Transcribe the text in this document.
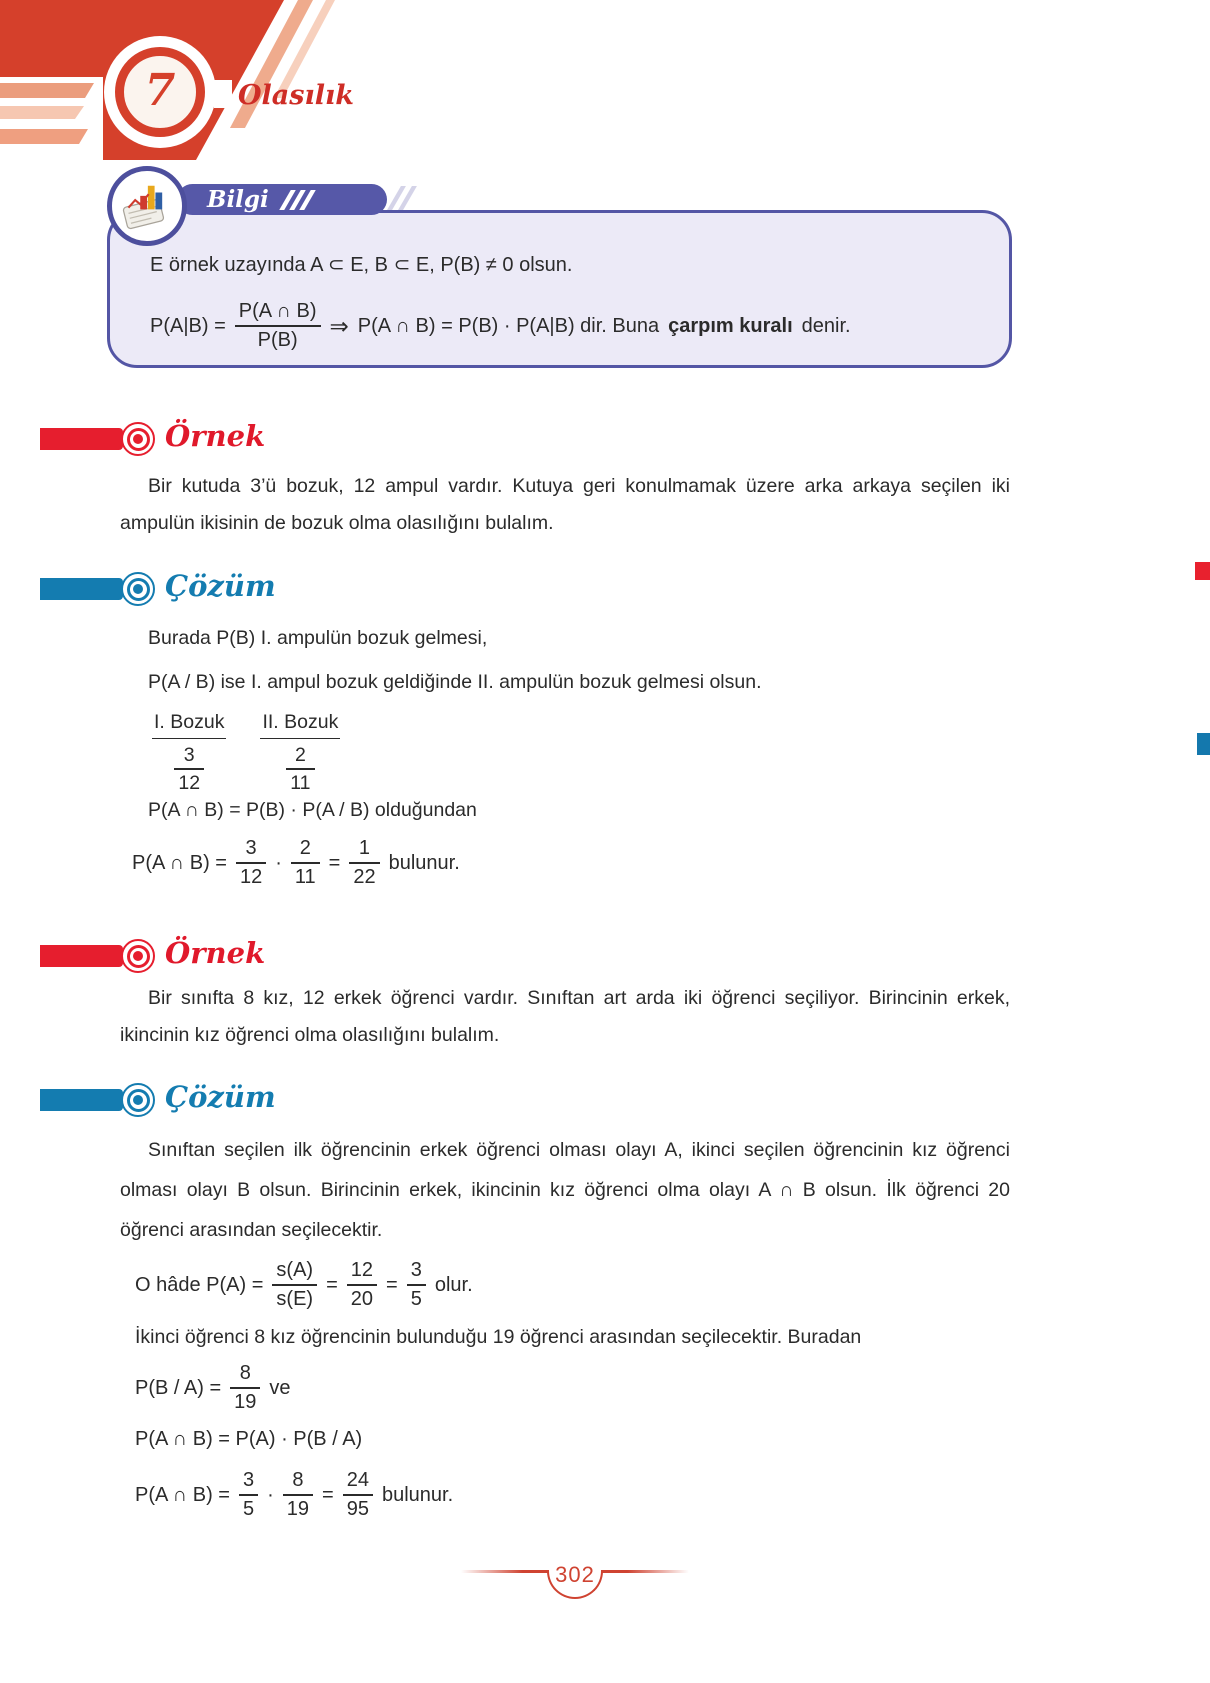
7 Olasılık
Bilgi
E örnek uzayında A ⊂ E, B ⊂ E, P(B) ≠ 0 olsun.
$P(A|B) = \frac{P(A \cap B)}{P(B)}$ ⇒ P(A ∩ B) = P(B) · P(A|B) dir. Buna çarpım kuralı denir.
Örnek

Bir kutuda 3’ü bozuk, 12 ampul vardır. Kutuya geri konulmamak üzere arka arkaya seçilen iki ampulün ikisinin de bozuk olma olasılığını bulalım.

Çözüm
Burada P(B) I. ampulün bozuk gelmesi,
P(A / B) ise I. ampul bozuk geldiğinde II. ampulün bozuk gelmesi olsun.
I. Bozuk
$\frac{3}{12}$
II. Bozuk
$\frac{2}{11}$
P(A ∩ B) = P(B) · P(A / B) olduğundan
P(A ∩ $B) = \frac{3}{12} \cdot \frac{2}{11} = \frac{1}{22}$ bulunur.
Örnek

Bir sınıfta 8 kız, 12 erkek öğrenci vardır. Sınıftan art arda iki öğrenci seçiliyor. Birincinin erkek, ikincinin kız öğrenci olma olasılığını bulalım.

Çözüm

Sınıftan seçilen ilk öğrencinin erkek öğrenci olması olayı A, ikinci seçilen öğrencinin kız öğrenci olması olayı B olsun. Birincinin erkek, ikincinin kız öğrenci olma olayı A ∩ B olsun. İlk öğrenci 20 öğrenci arasından seçilecektir.

O hâde $P(A) = \frac{s(A)}{s(E)} = \frac{12}{20} = \frac{3}{5}$ olur.
İkinci öğrenci 8 kız öğrencinin bulunduğu 19 öğrenci arasından seçilecektir. Buradan
$P(B / A) = \frac{8}{19}$ ve
P(A ∩ B) = P(A) · P(B / A)
P(A ∩ $B) = \frac{3}{5} \cdot \frac{8}{19} = \frac{24}{95}$ bulunur.
302
